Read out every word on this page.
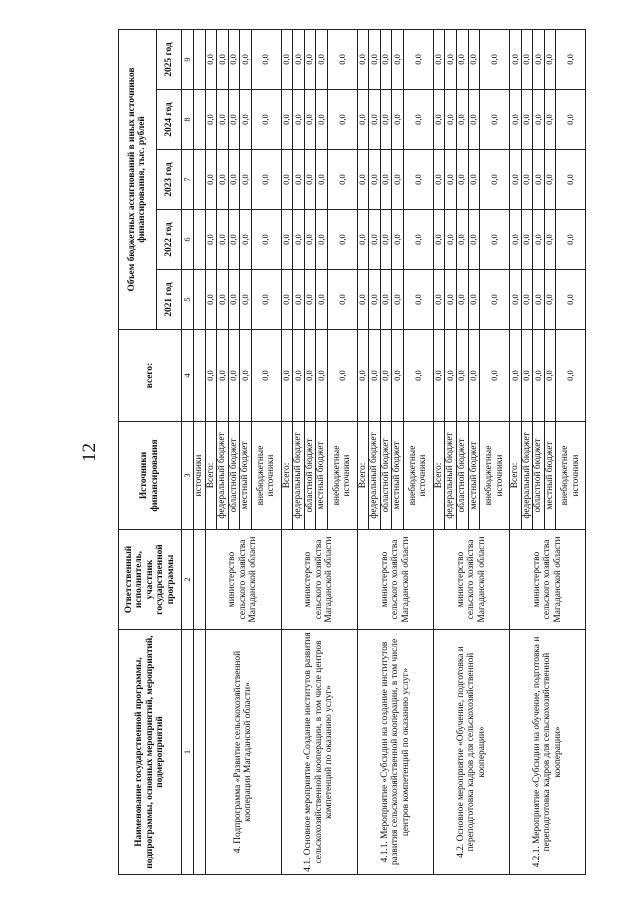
12
Наименование государственной программы, подпрограммы, основных мероприятий, мероприятий, подмероприятий	Ответственный исполнитель, участник государственной программы	Источники финансирования	всего:	Объем бюджетных ассигнований в иных источников финансирования, тыс. рублей				
				2021 год	2022 год	2023 год	2024 год	2025 год
1	2	3	4	5	6	7	8	9
		источники						
4. Подпрограмма «Развитие сельскохозяйственной кооперации Магаданской области»	министерство сельского хозяйства Магаданской области	Всего:	0,0	0,0	0,0	0,0	0,0	0,0
		федеральный бюджет	0,0	0,0	0,0	0,0	0,0	0,0
		областной бюджет	0,0	0,0	0,0	0,0	0,0	0,0
		местный бюджет	0,0	0,0	0,0	0,0	0,0	0,0
		внебюджетные источники	0,0	0,0	0,0	0,0	0,0	0,0
4.1. Основное мероприятие «Создание институтов развития сельскохозяйственной кооперации, в том числе центров компетенций по оказанию услуг»	министерство сельского хозяйства Магаданской области	Всего:	0,0	0,0	0,0	0,0	0,0	0,0
		федеральный бюджет	0,0	0,0	0,0	0,0	0,0	0,0
		областной бюджет	0,0	0,0	0,0	0,0	0,0	0,0
		местный бюджет	0,0	0,0	0,0	0,0	0,0	0,0
		внебюджетные источники	0,0	0,0	0,0	0,0	0,0	0,0
4.1.1. Мероприятие «Субсидии на создание институтов развития сельскохозяйственной кооперации, в том числе центров компетенций по оказанию услуг»	министерство сельского хозяйства Магаданской области	Всего:	0,0	0,0	0,0	0,0	0,0	0,0
		федеральный бюджет	0,0	0,0	0,0	0,0	0,0	0,0
		областной бюджет	0,0	0,0	0,0	0,0	0,0	0,0
		местный бюджет	0,0	0,0	0,0	0,0	0,0	0,0
		внебюджетные источники	0,0	0,0	0,0	0,0	0,0	0,0
4.2. Основное мероприятие «Обучение, подготовка и переподготовка кадров для сельскохозяйственной кооперации»	министерство сельского хозяйства Магаданской области	Всего:	0,0	0,0	0,0	0,0	0,0	0,0
		федеральный бюджет	0,0	0,0	0,0	0,0	0,0	0,0
		областной бюджет	0,0	0,0	0,0	0,0	0,0	0,0
		местный бюджет	0,0	0,0	0,0	0,0	0,0	0,0
		внебюджетные источники	0,0	0,0	0,0	0,0	0,0	0,0
4.2.1. Мероприятие «Субсидии на обучение, подготовка и переподготовка кадров для сельскохозяйственной кооперации»	министерство сельского хозяйства Магаданской области	Всего:	0,0	0,0	0,0	0,0	0,0	0,0
		федеральный бюджет	0,0	0,0	0,0	0,0	0,0	0,0
		областной бюджет	0,0	0,0	0,0	0,0	0,0	0,0
		местный бюджет	0,0	0,0	0,0	0,0	0,0	0,0
		внебюджетные источники	0,0	0,0	0,0	0,0	0,0	0,0
